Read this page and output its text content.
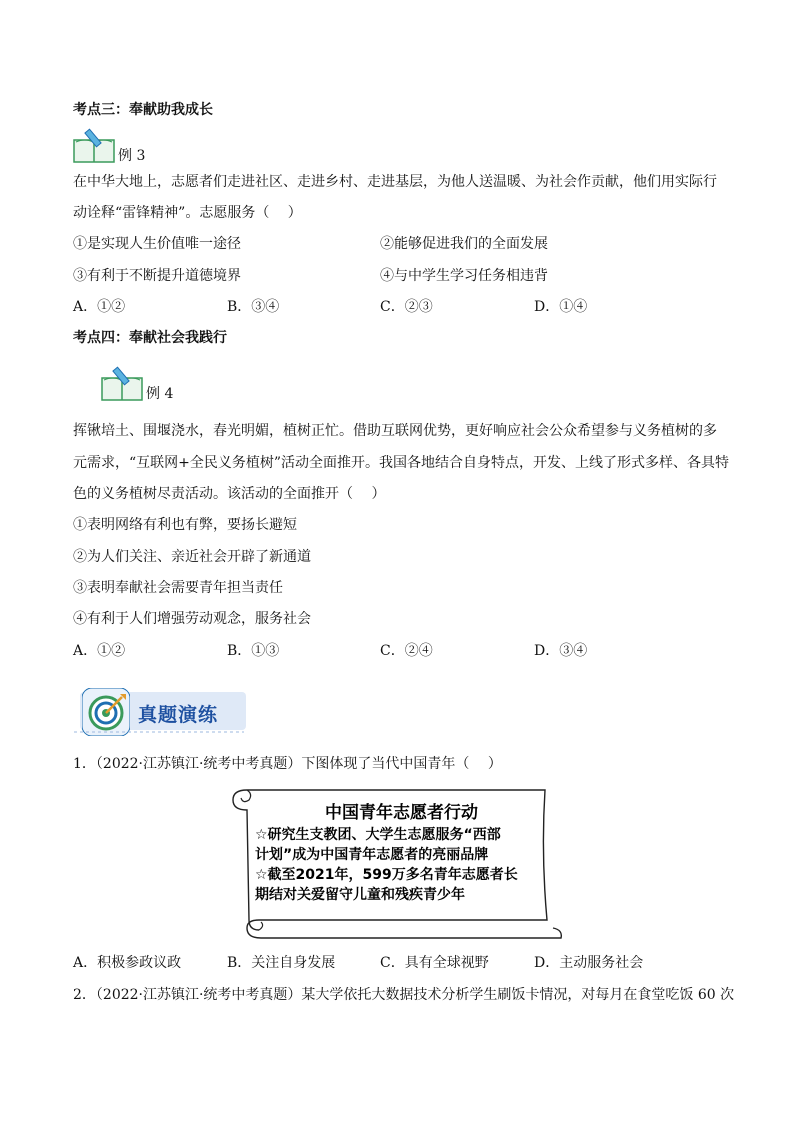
考点三：奉献助我成长
例 3
在中华大地上，志愿者们走进社区、走进乡村、走进基层，为他人送温暖、为社会作贡献，他们用实际行
动诠释“雷锋精神”。志愿服务（　 ）
①是实现人生价值唯一途径	②能够促进我们的全面发展
③有利于不断提升道德境界	④与中学生学习任务相违背
A．①②	B．③④	C．②③	D．①④
考点四：奉献社会我践行
例 4
挥锹培土、围堰浇水，春光明媚，植树正忙。借助互联网优势，更好响应社会公众希望参与义务植树的多
元需求，“互联网+全民义务植树”活动全面推开。我国各地结合自身特点，开发、上线了形式多样、各具特
色的义务植树尽责活动。该活动的全面推开（　 ）
①表明网络有利也有弊，要扬长避短
②为人们关注、亲近社会开辟了新通道
③表明奉献社会需要青年担当责任
④有利于人们增强劳动观念，服务社会
A．①②	B．①③	C．②④	D．③④
真题演练
1．（2022·江苏镇江·统考中考真题）下图体现了当代中国青年（　 ）
中国青年志愿者行动
☆研究生支教团、大学生志愿服务“西部
计划”成为中国青年志愿者的亮丽品牌
☆截至2021年，599万多名青年志愿者长
期结对关爱留守儿童和残疾青少年
A．积极参政议政	B．关注自身发展	C．具有全球视野	D．主动服务社会
2．（2022·江苏镇江·统考中考真题）某大学依托大数据技术分析学生刷饭卡情况，对每月在食堂吃饭 60 次
